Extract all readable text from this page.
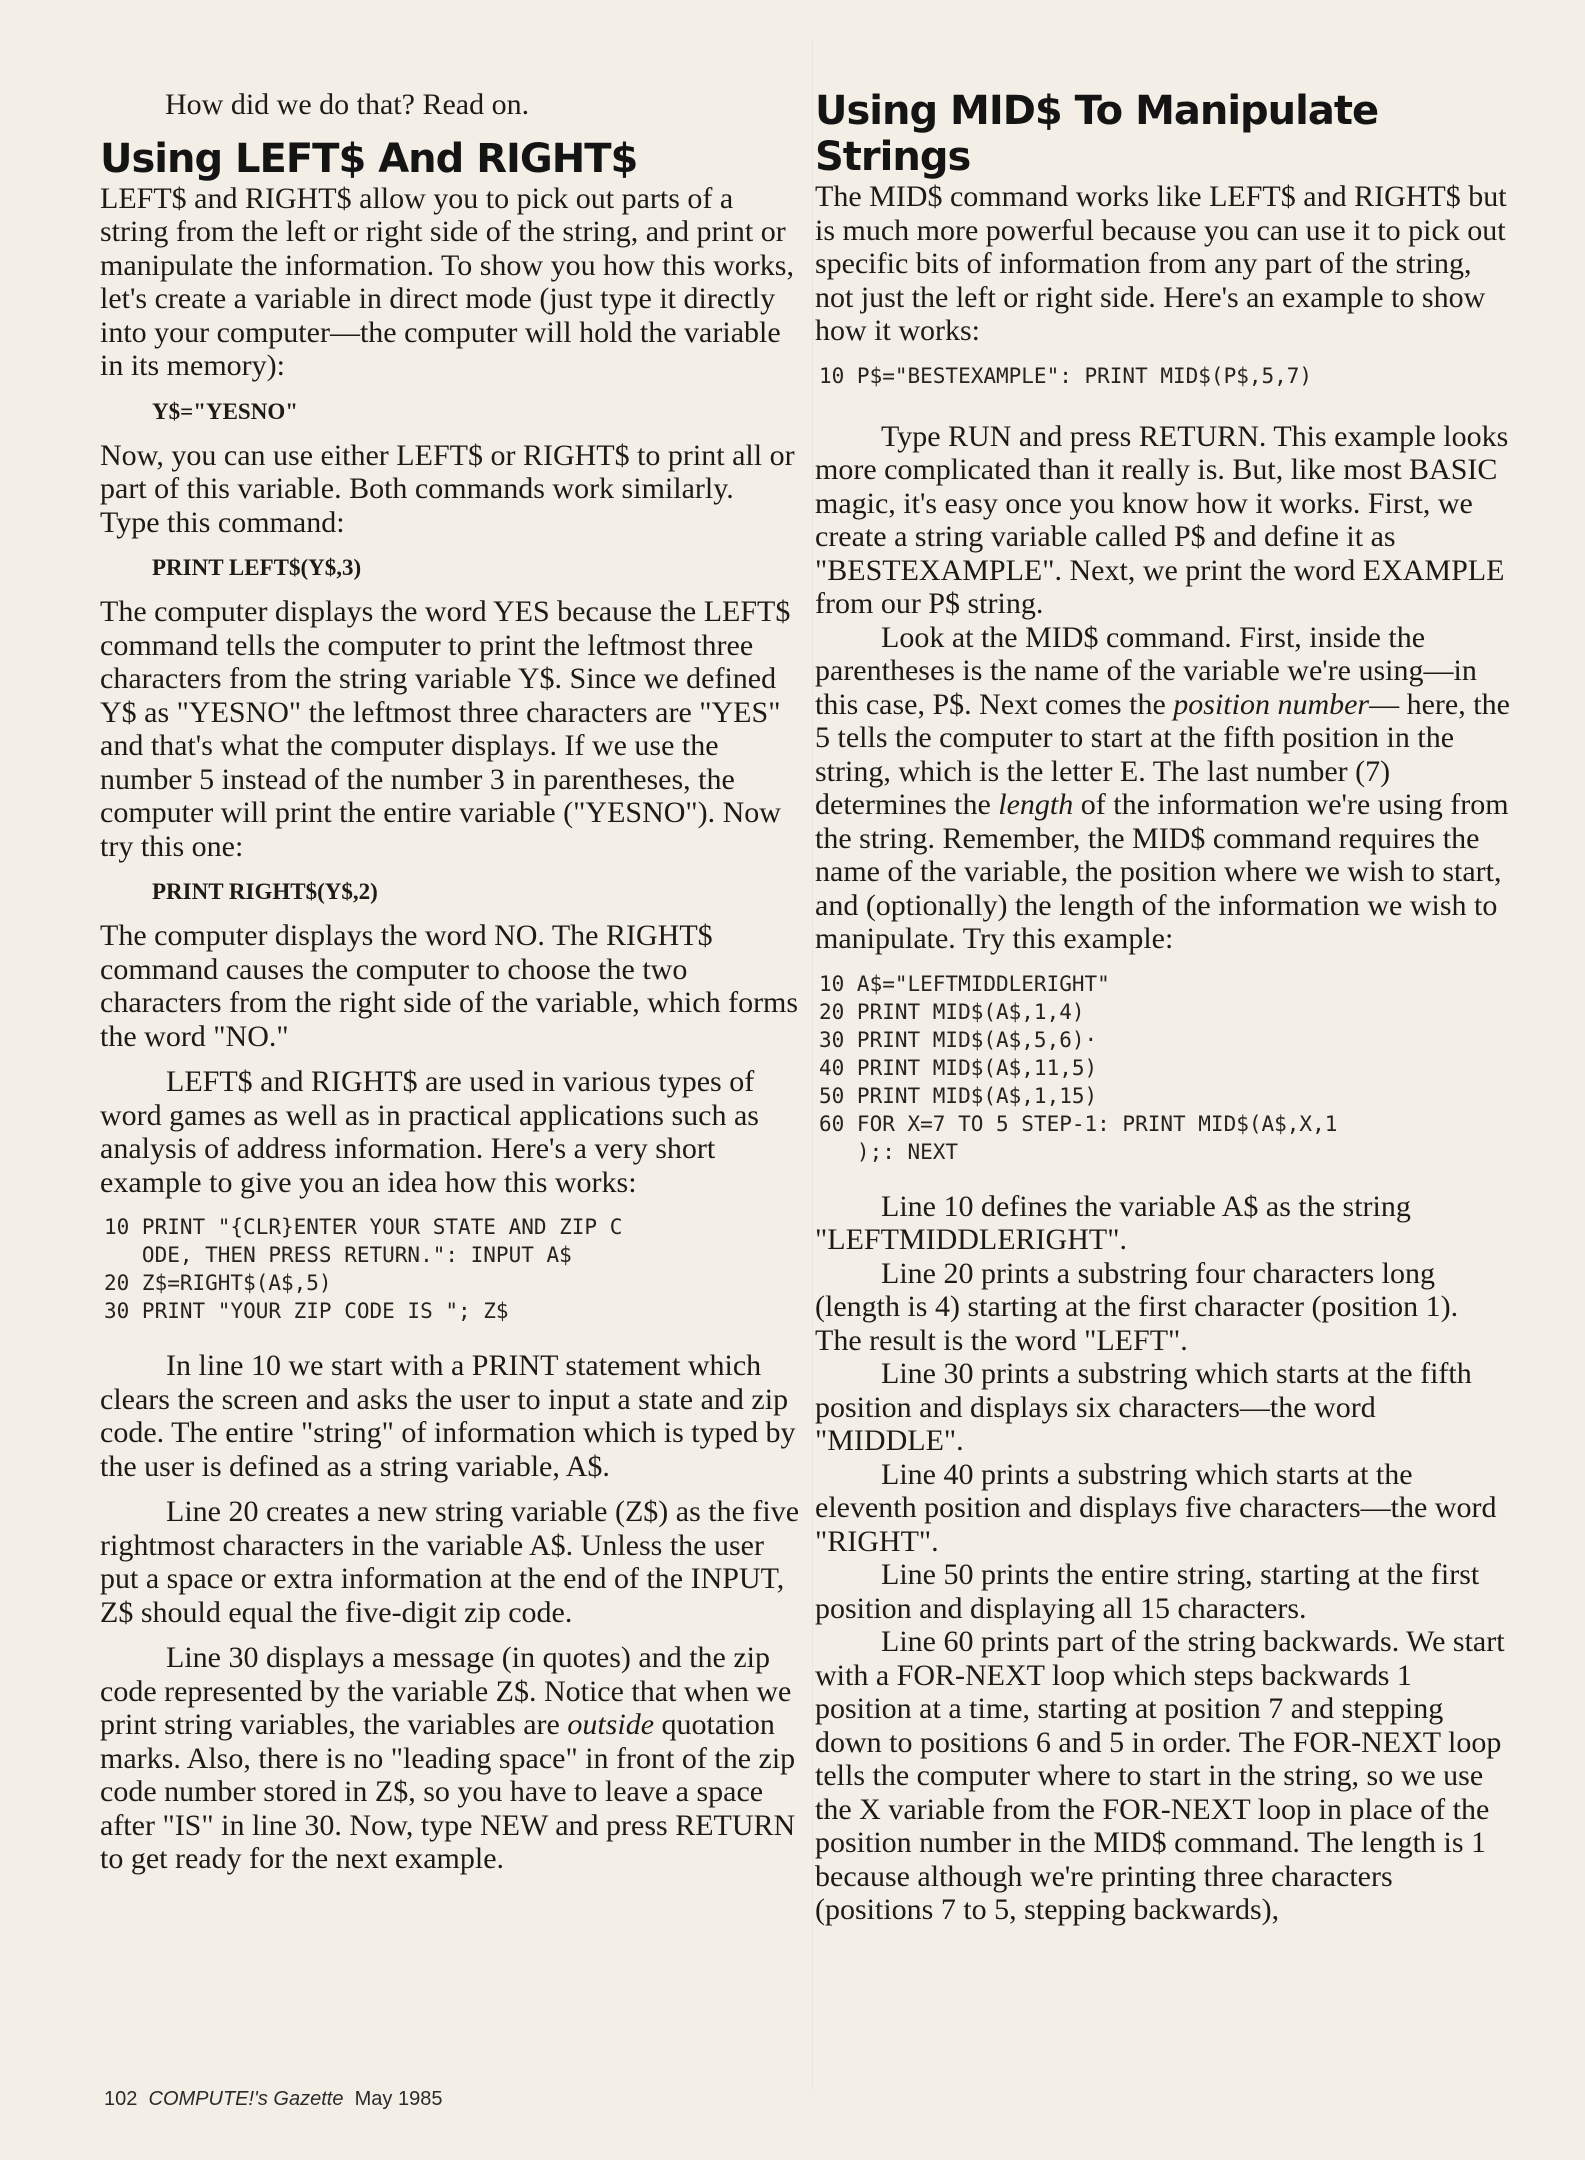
How did we do that? Read on.

Using LEFT$ And RIGHT$

LEFT$ and RIGHT$ allow you to pick out parts of a string from the left or right side of the string, and print or manipulate the information. To show you how this works, let's create a variable in direct mode (just type it directly into your computer—the computer will hold the variable in its memory):

Y$="YESNO"

Now, you can use either LEFT$ or RIGHT$ to print all or part of this variable. Both commands work similarly. Type this command:

PRINT LEFT$(Y$,3)

The computer displays the word YES because the LEFT$ command tells the computer to print the leftmost three characters from the string variable Y$. Since we defined Y$ as "YESNO" the leftmost three characters are "YES" and that's what the computer displays. If we use the number 5 instead of the number 3 in parentheses, the computer will print the entire variable ("YESNO"). Now try this one:

PRINT RIGHT$(Y$,2)

The computer displays the word NO. The RIGHT$ command causes the computer to choose the two characters from the right side of the variable, which forms the word "NO."

LEFT$ and RIGHT$ are used in various types of word games as well as in practical applications such as analysis of address information. Here's a very short example to give you an idea how this works:

10 PRINT "{CLR}ENTER YOUR STATE AND ZIP C
ODE, THEN PRESS RETURN.": INPUT A$
20 Z$=RIGHT$(A$,5)
30 PRINT "YOUR ZIP CODE IS "; Z$

In line 10 we start with a PRINT statement which clears the screen and asks the user to input a state and zip code. The entire "string" of information which is typed by the user is defined as a string variable, A$.

Line 20 creates a new string variable (Z$) as the five rightmost characters in the variable A$. Unless the user put a space or extra information at the end of the INPUT, Z$ should equal the five-digit zip code.

Line 30 displays a message (in quotes) and the zip code represented by the variable Z$. Notice that when we print string variables, the variables are outside quotation marks. Also, there is no "leading space" in front of the zip code number stored in Z$, so you have to leave a space after "IS" in line 30. Now, type NEW and press RETURN to get ready for the next example.

Using MID$ To Manipulate Strings

The MID$ command works like LEFT$ and RIGHT$ but is much more powerful because you can use it to pick out specific bits of information from any part of the string, not just the left or right side. Here's an example to show how it works:

10 P$="BESTEXAMPLE": PRINT MID$(P$,5,7)

Type RUN and press RETURN. This example looks more complicated than it really is. But, like most BASIC magic, it's easy once you know how it works. First, we create a string variable called P$ and define it as "BESTEXAMPLE". Next, we print the word EXAMPLE from our P$ string.

Look at the MID$ command. First, inside the parentheses is the name of the variable we're using—in this case, P$. Next comes the position number— here, the 5 tells the computer to start at the fifth position in the string, which is the letter E. The last number (7) determines the length of the information we're using from the string. Remember, the MID$ command requires the name of the variable, the position where we wish to start, and (optionally) the length of the information we wish to manipulate. Try this example:

10 A$="LEFTMIDDLERIGHT"
20 PRINT MID$(A$,1,4)
30 PRINT MID$(A$,5,6)·
40 PRINT MID$(A$,11,5)
50 PRINT MID$(A$,1,15)
60 FOR X=7 TO 5 STEP-1: PRINT MID$(A$,X,1
);: NEXT

Line 10 defines the variable A$ as the string "LEFTMIDDLERIGHT".

Line 20 prints a substring four characters long (length is 4) starting at the first character (position 1). The result is the word "LEFT".

Line 30 prints a substring which starts at the fifth position and displays six characters—the word "MIDDLE".

Line 40 prints a substring which starts at the eleventh position and displays five characters—the word "RIGHT".

Line 50 prints the entire string, starting at the first position and displaying all 15 characters.

Line 60 prints part of the string backwards. We start with a FOR-NEXT loop which steps backwards 1 position at a time, starting at position 7 and stepping down to positions 6 and 5 in order. The FOR-NEXT loop tells the computer where to start in the string, so we use the X variable from the FOR-NEXT loop in place of the position number in the MID$ command. The length is 1 because although we're printing three characters (positions 7 to 5, stepping backwards),

102 COMPUTE!'s Gazette May 1985
